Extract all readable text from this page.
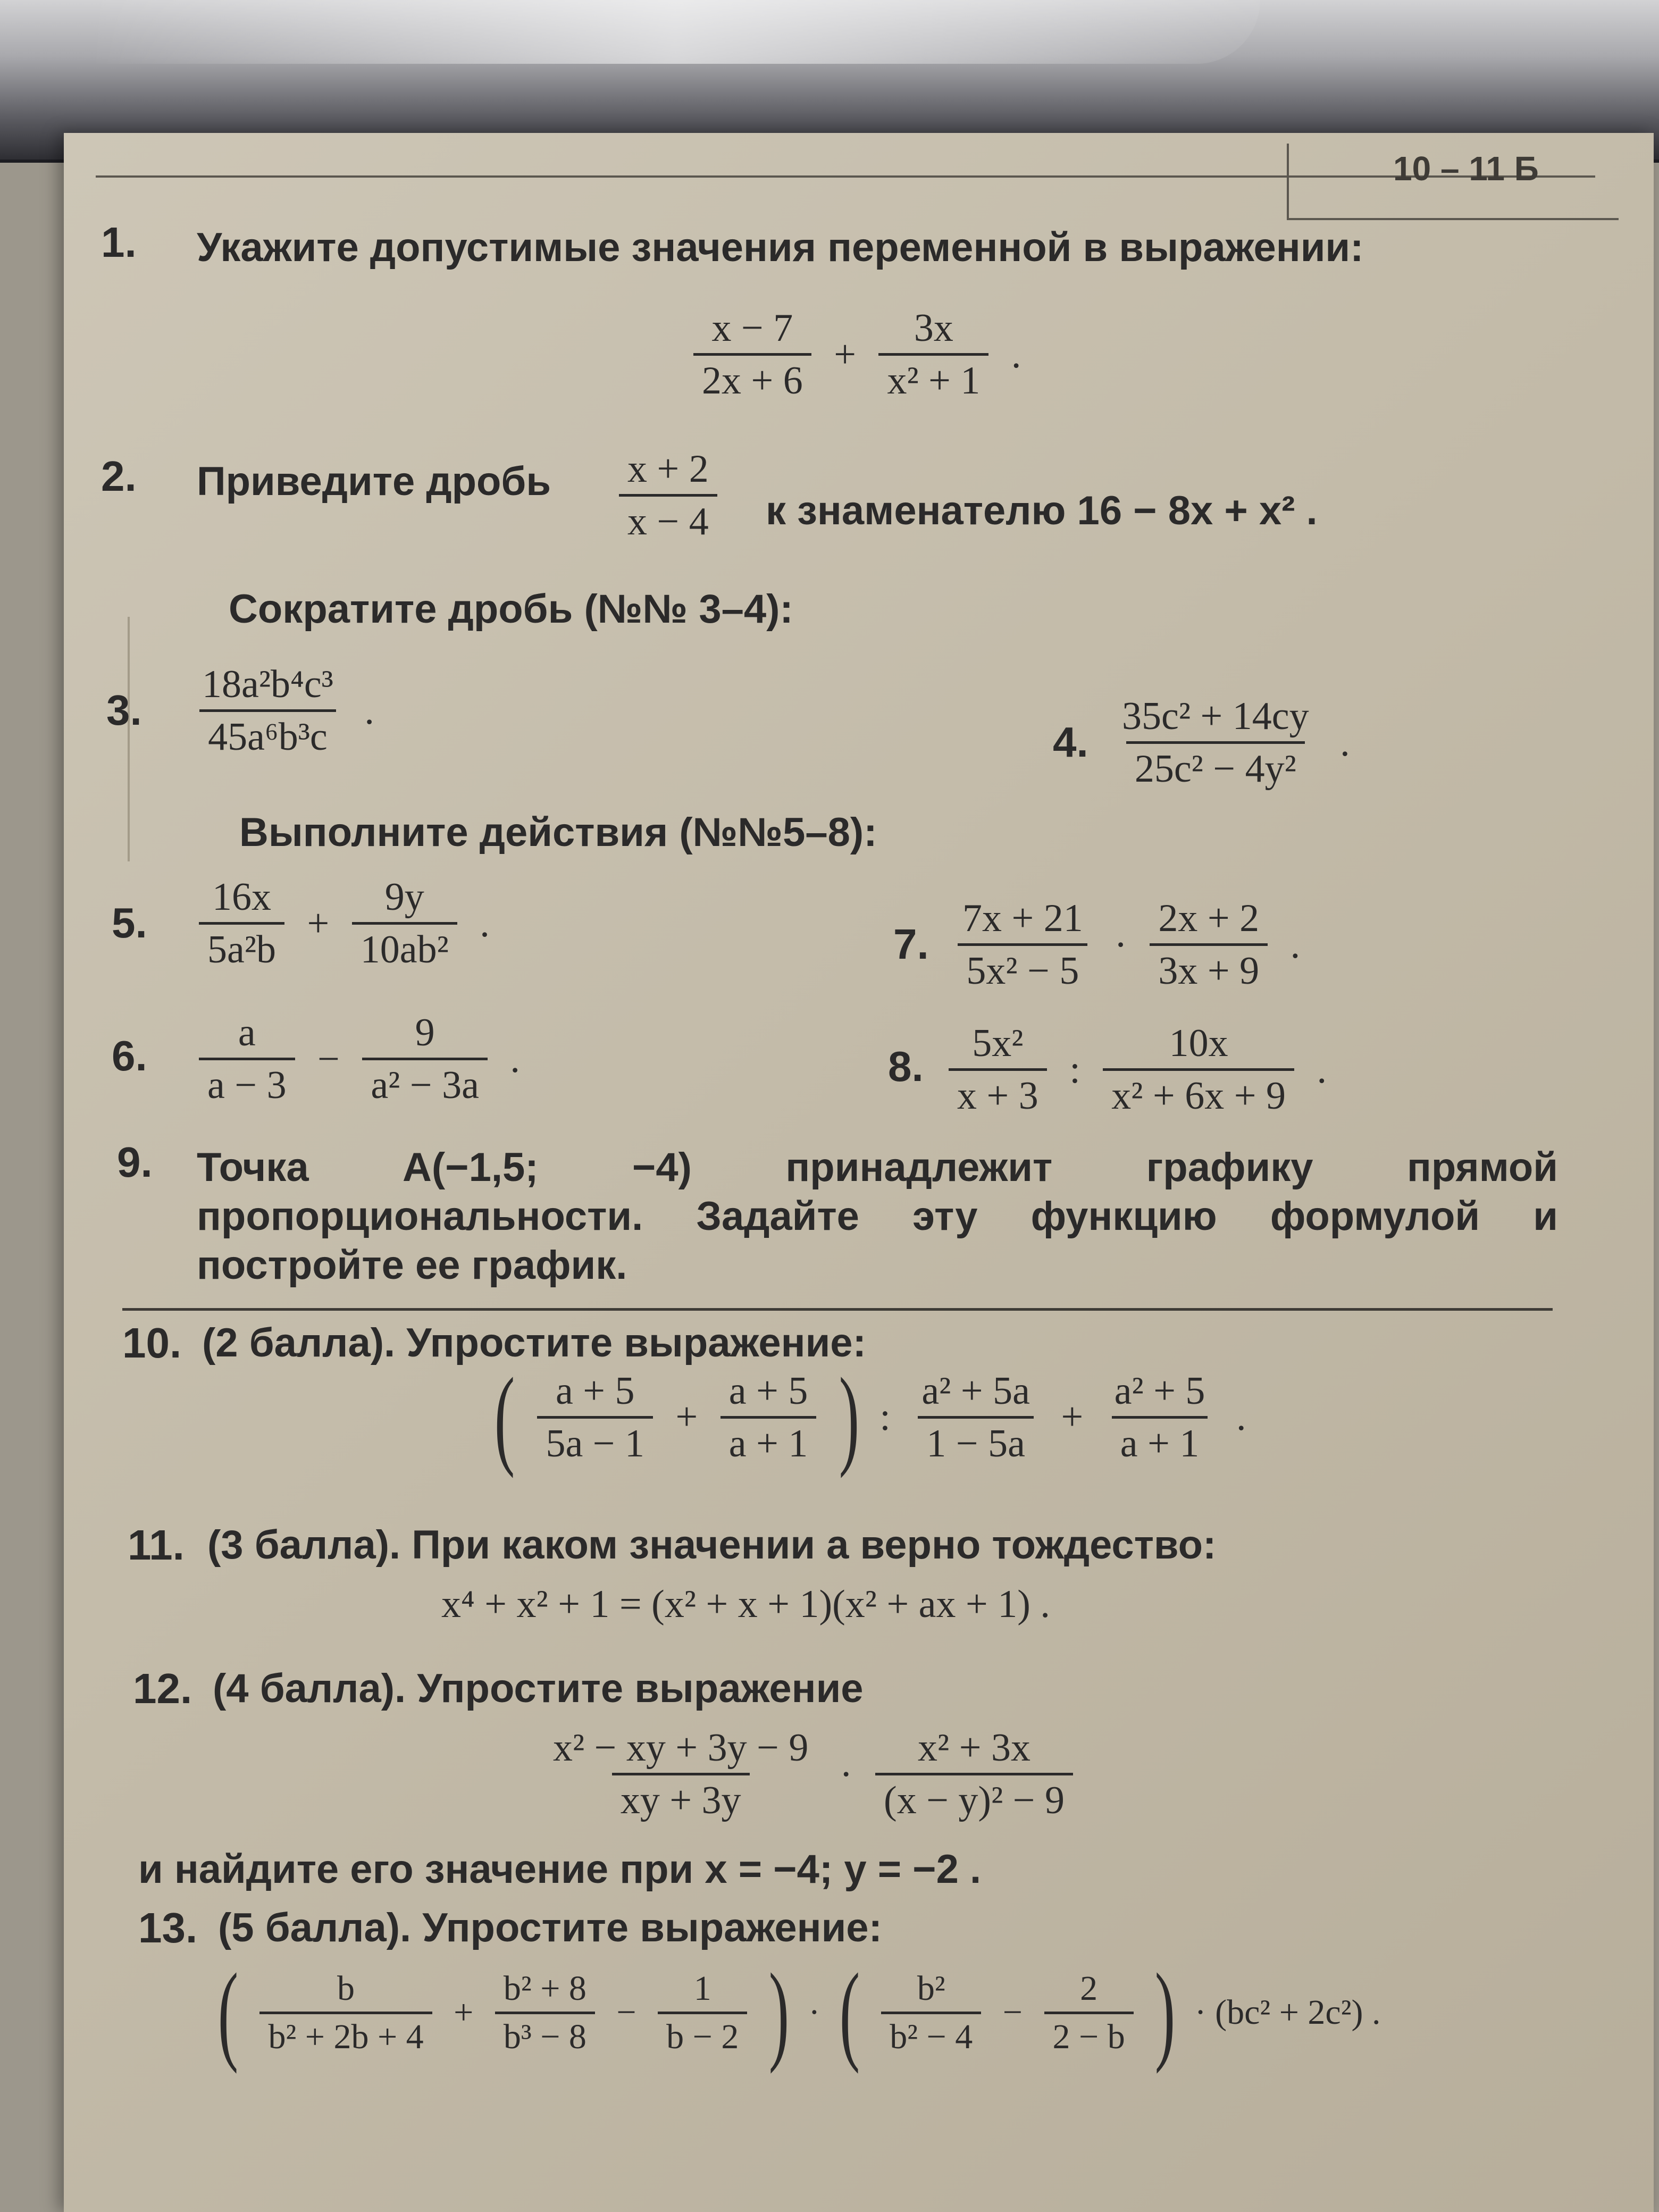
10 – 11 Б
1. Укажите допустимые значения переменной в выражении:
$\frac{x - 7}{2x + 6} + \frac{3x}{\text{x² + 1}}$ .
2. Приведите дробь $\frac{x + 2}{x - 4}$ к знаменателю 16 − 8x + x² .
Сократите дробь (№№ 3–4):
3. $\frac{\text{18a²b⁴c³}}{\text{45a⁶b³c}}$ .
4. $\frac{\text{35c² + 14cy}}{\text{25c² − 4y²}}$ .
Выполните действия (№№5–8):
5. $\frac{16x}{\text{5a²b}} + \frac{9y}{\text{10ab²}}$ .	7. $\frac{7x + 21}{\text{5x² − 5}} \cdot \frac{2x + 2}{3x + 9}$ .
6. $\frac{a}{a - 3} - \frac{9}{\text{a² − 3a}}$ .	8. $\frac{\text{5x²}}{x + 3}$ : $\frac{10x}{\text{x² + 6x + 9}}$ .
9. Точка A(−1,5; −4) принадлежит графику прямой пропорциональности. Задайте эту функцию формулой и постройте ее график.
10. (2 балла). Упростите выражение:
( $\frac{a + 5}{5a - 1} + \frac{a + 5}{a + 1}$ ) : $\frac{\text{a² + 5a}}{1 - 5a} + \frac{\text{a² + 5}}{a + 1}$ .
11. (3 балла). При каком значении a верно тождество:
x⁴ + x² + 1 = (x² + x + 1)(x² + ax + 1) .
12. (4 балла). Упростите выражение
$\frac{\text{x² − xy + 3y − 9}}{xy + 3y} \cdot \frac{\text{x² + 3x}}{\text{(x − y)² − 9}}$
и найдите его значение при x = −4; y = −2 .
13. (5 балла). Упростите выражение:
( $\frac{b}{\text{b² + 2b + 4}} + \frac{\text{b² + 8}}{\text{b³ − 8}} - \frac{1}{b - 2}$ ) · ( $\frac{\text{b²}}{\text{b² − 4}} - \frac{2}{2 - b}$ ) · (bc² + 2c²) .
